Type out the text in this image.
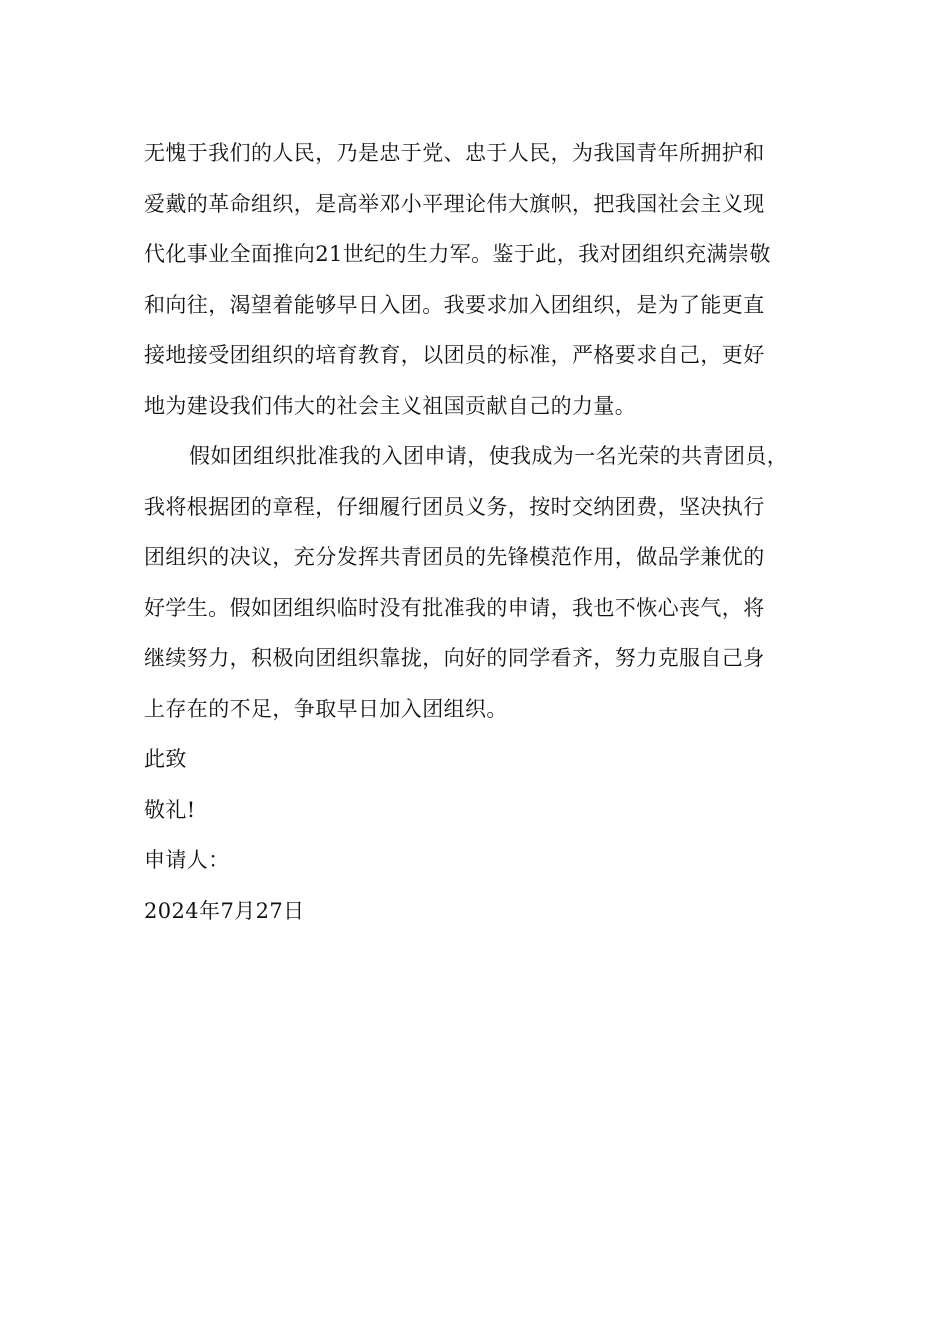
无愧于我们的人民，乃是忠于党、忠于人民，为我国青年所拥护和
爱戴的革命组织，是高举邓小平理论伟大旗帜，把我国社会主义现
代化事业全面推向21世纪的生力军。鉴于此，我对团组织充满崇敬
和向往，渴望着能够早日入团。我要求加入团组织，是为了能更直
接地接受团组织的培育教育，以团员的标准，严格要求自己，更好
地为建设我们伟大的社会主义祖国贡献自己的力量。

假如团组织批准我的入团申请，使我成为一名光荣的共青团员，
我将根据团的章程，仔细履行团员义务，按时交纳团费，坚决执行
团组织的决议，充分发挥共青团员的先锋模范作用，做品学兼优的
好学生。假如团组织临时没有批准我的申请，我也不恢心丧气，将
继续努力，积极向团组织靠拢，向好的同学看齐，努力克服自己身
上存在的不足，争取早日加入团组织。

此致

敬礼!

申请人：

2024年7月27日
